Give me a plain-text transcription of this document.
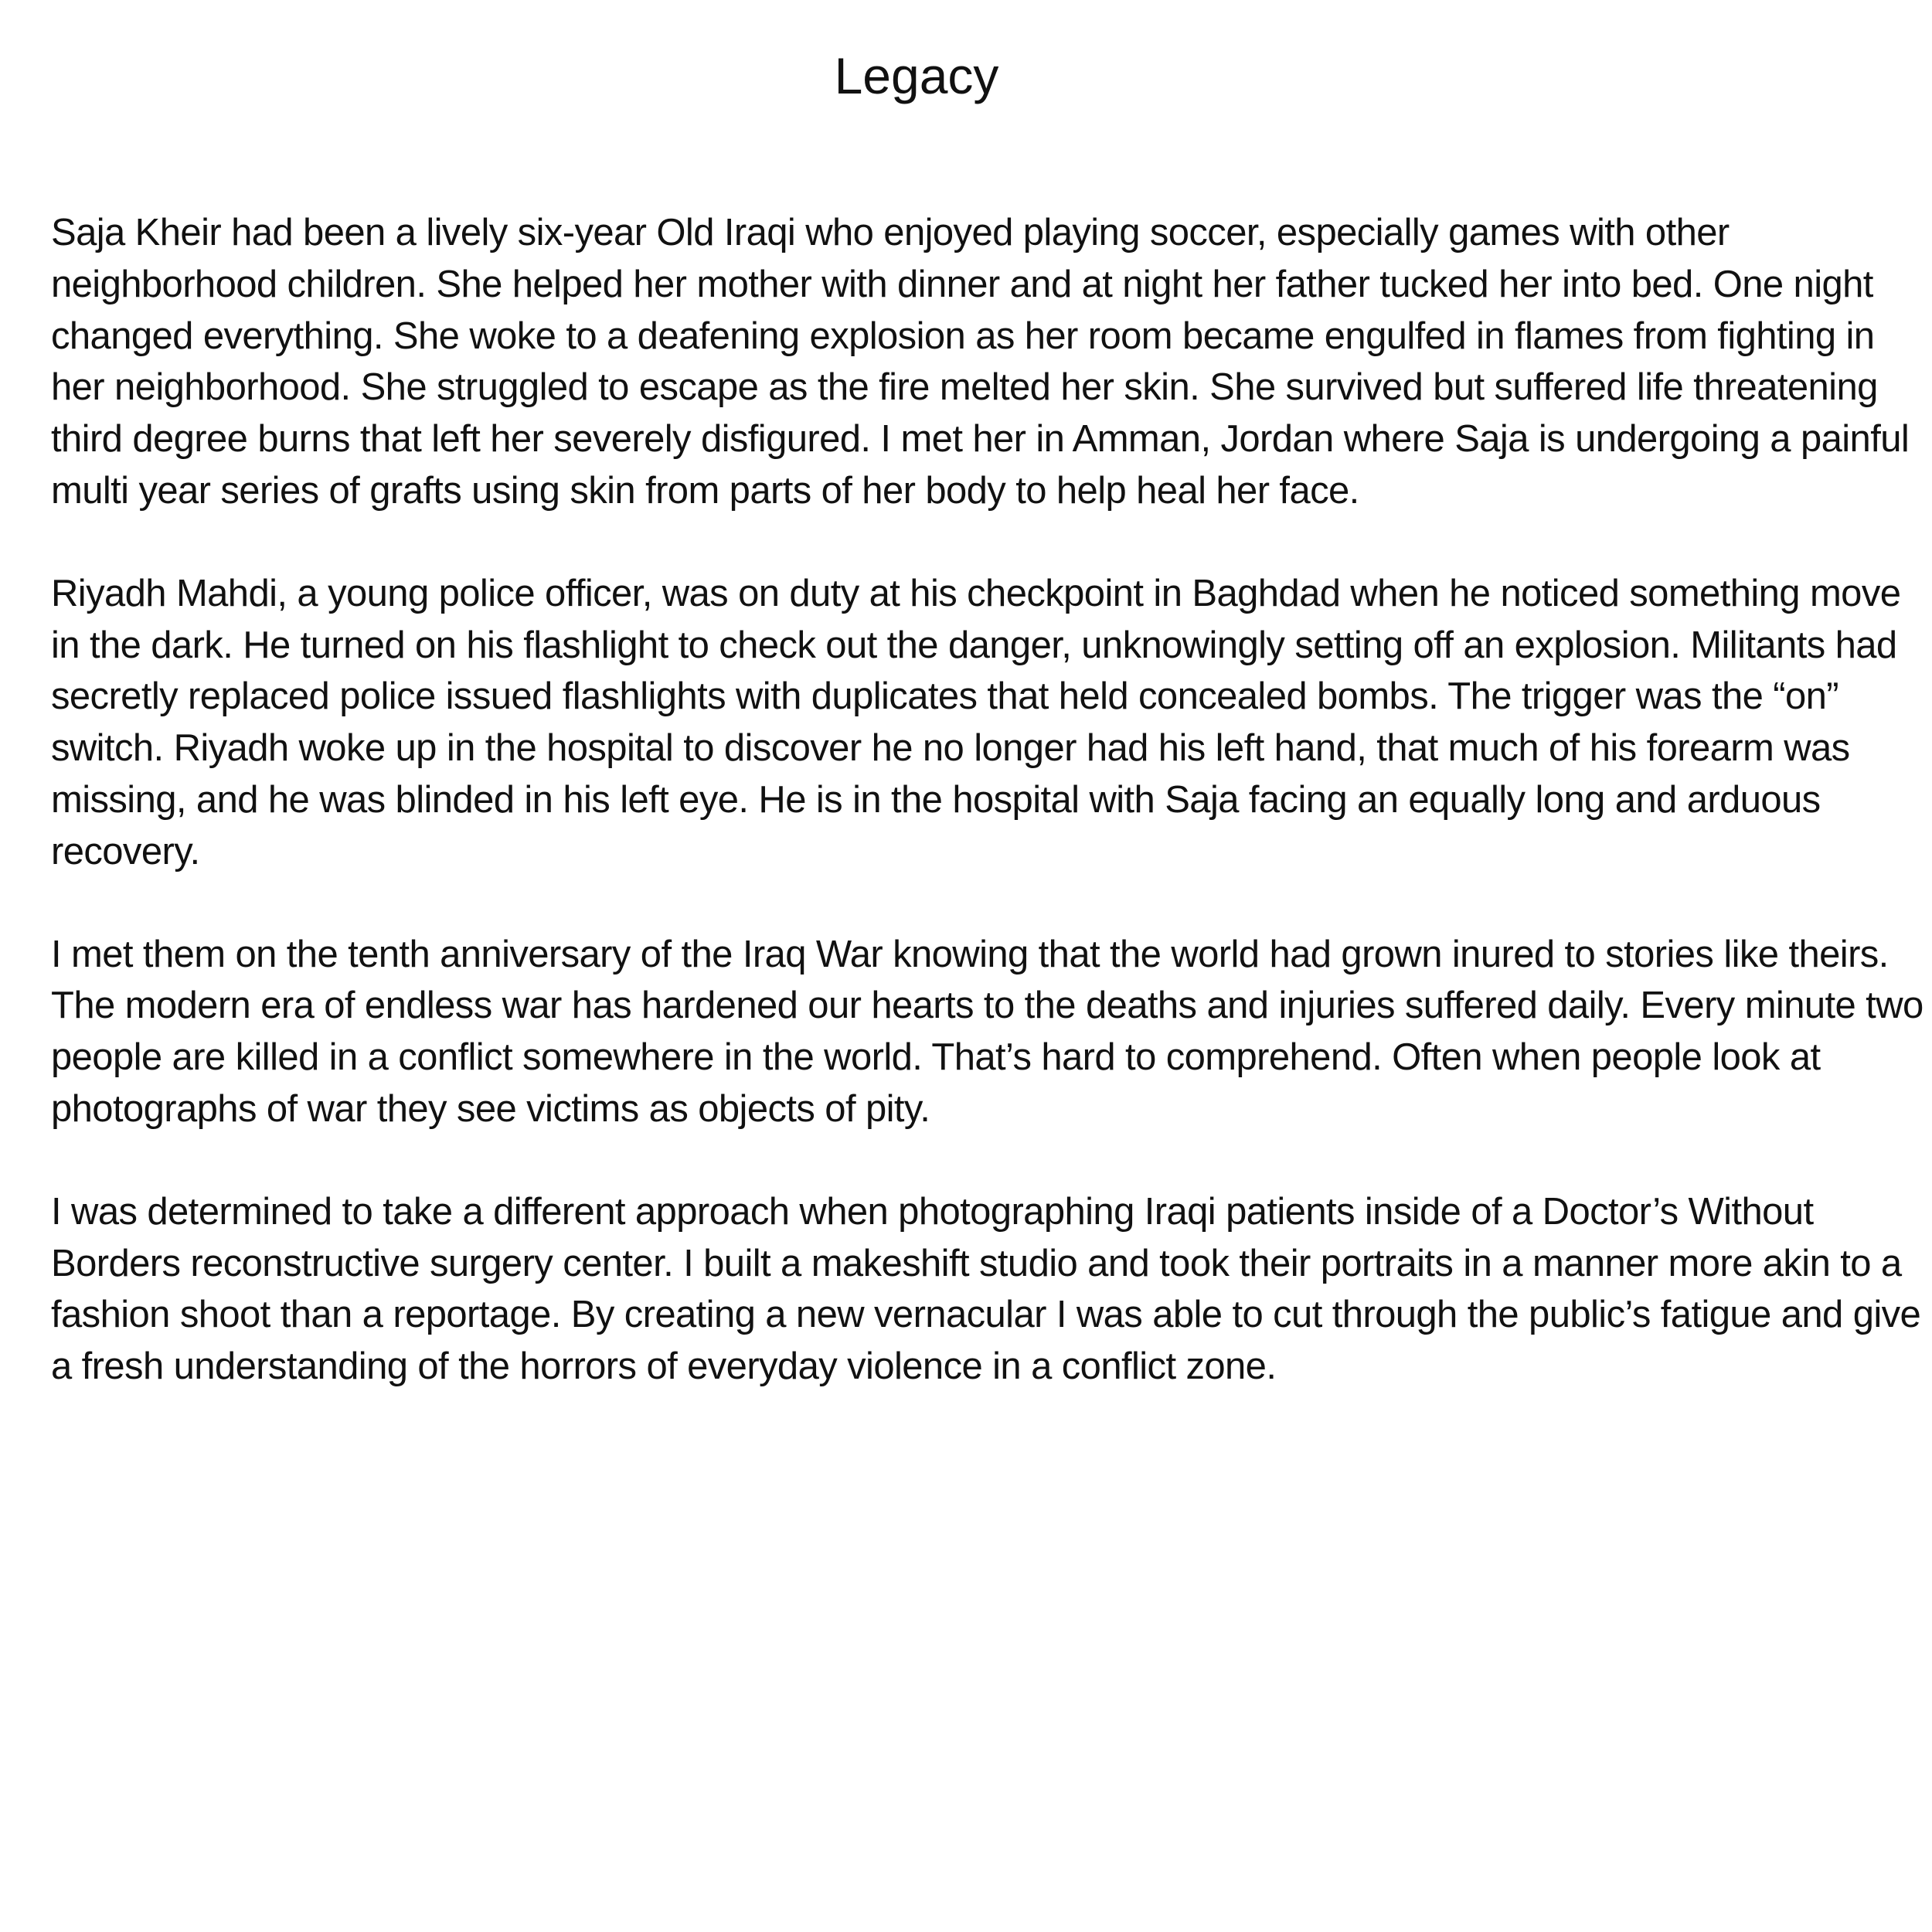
Legacy

Saja Kheir had been a lively six-year Old Iraqi who enjoyed playing soccer, especially games with other neighborhood children. She helped her mother with dinner and at night her father tucked her into bed. One night changed everything. She woke to a deafening explosion as her room became engulfed in flames from fighting in her neighborhood. She struggled to escape as the fire melted her skin. She survived but suffered life threatening third degree burns that left her severely disfigured. I met her in Amman, Jordan where Saja is undergoing a painful multi year series of grafts using skin from parts of her body to help heal her face.

Riyadh Mahdi, a young police officer, was on duty at his checkpoint in Baghdad when he noticed something move in the dark. He turned on his flashlight to check out the danger, unknowingly setting off an explosion. Militants had secretly replaced police issued flashlights with duplicates that held concealed bombs. The trigger was the “on” switch. Riyadh woke up in the hospital to discover he no longer had his left hand, that much of his forearm was missing, and he was blinded in his left eye. He is in the hospital with Saja facing an equally long and arduous recovery.

I met them on the tenth anniversary of the Iraq War knowing that the world had grown inured to stories like theirs. The modern era of endless war has hardened our hearts to the deaths and injuries suffered daily. Every minute two people are killed in a conflict somewhere in the world. That’s hard to comprehend. Often when people look at photographs of war they see victims as objects of pity.

I was determined to take a different approach when photographing Iraqi patients inside of a Doctor’s Without Borders reconstructive surgery center. I built a makeshift studio and took their portraits in a manner more akin to a fashion shoot than a reportage. By creating a new vernacular I was able to cut through the public’s fatigue and give a fresh understanding of the horrors of everyday violence in a conflict zone.
